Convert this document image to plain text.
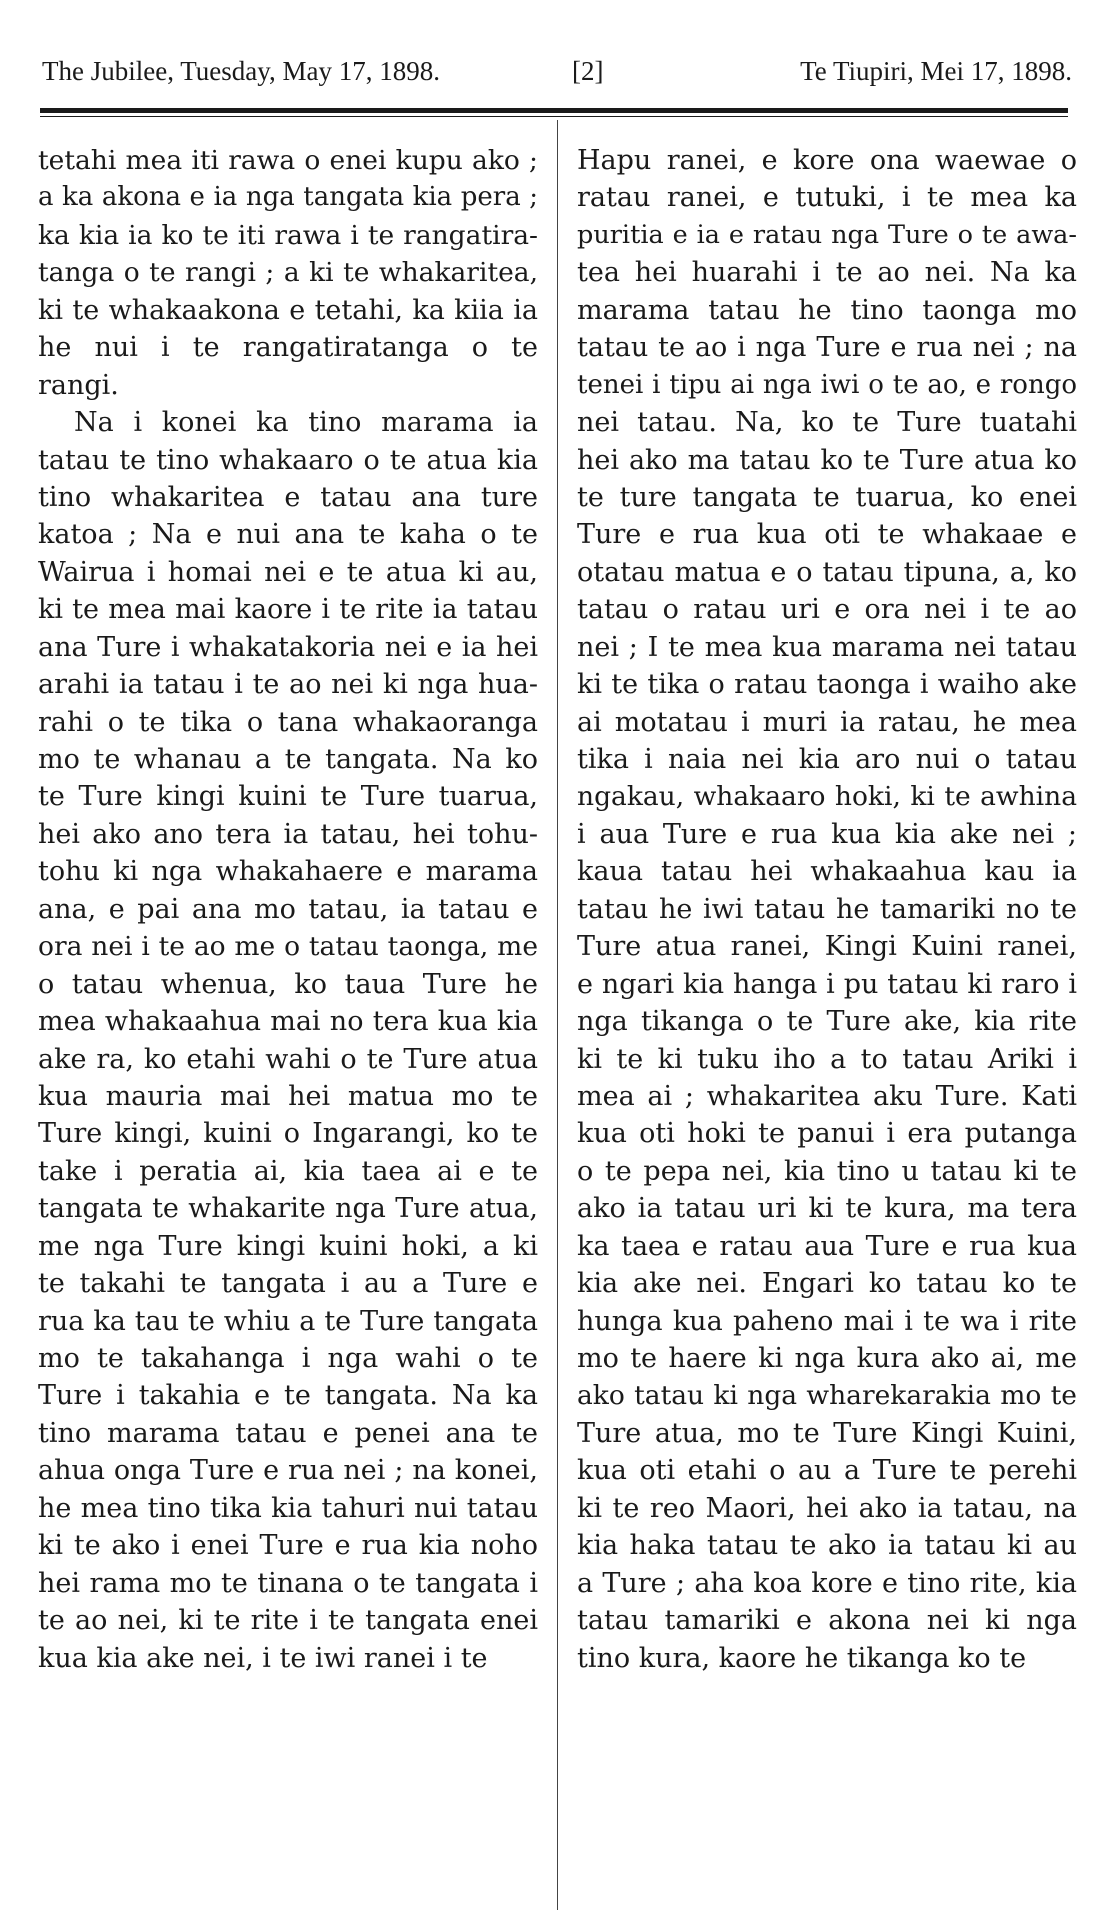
The Jubilee, Tuesday, May 17, 1898.	[2]	Te Tiupiri, Mei 17, 1898.
tetahi mea iti rawa o enei kupu ako ;
a ka akona e ia nga tangata kia pera ;
ka kia ia ko te iti rawa i te rangatira-
tanga o te rangi ; a ki te whakaritea,
ki te whakaakona e tetahi, ka kiia ia
he nui i te rangatiratanga o te
rangi.
Na i konei ka tino marama ia
tatau te tino whakaaro o te atua kia
tino whakaritea e tatau ana ture
katoa ; Na e nui ana te kaha o te
Wairua i homai nei e te atua ki au,
ki te mea mai kaore i te rite ia tatau
ana Ture i whakatakoria nei e ia hei
arahi ia tatau i te ao nei ki nga hua-
rahi o te tika o tana whakaoranga
mo te whanau a te tangata. Na ko
te Ture kingi kuini te Ture tuarua,
hei ako ano tera ia tatau, hei tohu-
tohu ki nga whakahaere e marama
ana, e pai ana mo tatau, ia tatau e
ora nei i te ao me o tatau taonga, me
o tatau whenua, ko taua Ture he
mea whakaahua mai no tera kua kia
ake ra, ko etahi wahi o te Ture atua
kua mauria mai hei matua mo te
Ture kingi, kuini o Ingarangi, ko te
take i peratia ai, kia taea ai e te
tangata te whakarite nga Ture atua,
me nga Ture kingi kuini hoki, a ki
te takahi te tangata i au a Ture e
rua ka tau te whiu a te Ture tangata
mo te takahanga i nga wahi o te
Ture i takahia e te tangata. Na ka
tino marama tatau e penei ana te
ahua onga Ture e rua nei ; na konei,
he mea tino tika kia tahuri nui tatau
ki te ako i enei Ture e rua kia noho
hei rama mo te tinana o te tangata i
te ao nei, ki te rite i te tangata enei
kua kia ake nei, i te iwi ranei i te
Hapu ranei, e kore ona waewae o
ratau ranei, e tutuki, i te mea ka
puritia e ia e ratau nga Ture o te awa-
tea hei huarahi i te ao nei. Na ka
marama tatau he tino taonga mo
tatau te ao i nga Ture e rua nei ; na
tenei i tipu ai nga iwi o te ao, e rongo
nei tatau. Na, ko te Ture tuatahi
hei ako ma tatau ko te Ture atua ko
te ture tangata te tuarua, ko enei
Ture e rua kua oti te whakaae e
otatau matua e o tatau tipuna, a, ko
tatau o ratau uri e ora nei i te ao
nei ; I te mea kua marama nei tatau
ki te tika o ratau taonga i waiho ake
ai motatau i muri ia ratau, he mea
tika i naia nei kia aro nui o tatau
ngakau, whakaaro hoki, ki te awhina
i aua Ture e rua kua kia ake nei ;
kaua tatau hei whakaahua kau ia
tatau he iwi tatau he tamariki no te
Ture atua ranei, Kingi Kuini ranei,
e ngari kia hanga i pu tatau ki raro i
nga tikanga o te Ture ake, kia rite
ki te ki tuku iho a to tatau Ariki i
mea ai ; whakaritea aku Ture. Kati
kua oti hoki te panui i era putanga
o te pepa nei, kia tino u tatau ki te
ako ia tatau uri ki te kura, ma tera
ka taea e ratau aua Ture e rua kua
kia ake nei. Engari ko tatau ko te
hunga kua paheno mai i te wa i rite
mo te haere ki nga kura ako ai, me
ako tatau ki nga wharekarakia mo te
Ture atua, mo te Ture Kingi Kuini,
kua oti etahi o au a Ture te perehi
ki te reo Maori, hei ako ia tatau, na
kia haka tatau te ako ia tatau ki au
a Ture ; aha koa kore e tino rite, kia
tatau tamariki e akona nei ki nga
tino kura, kaore he tikanga ko te
